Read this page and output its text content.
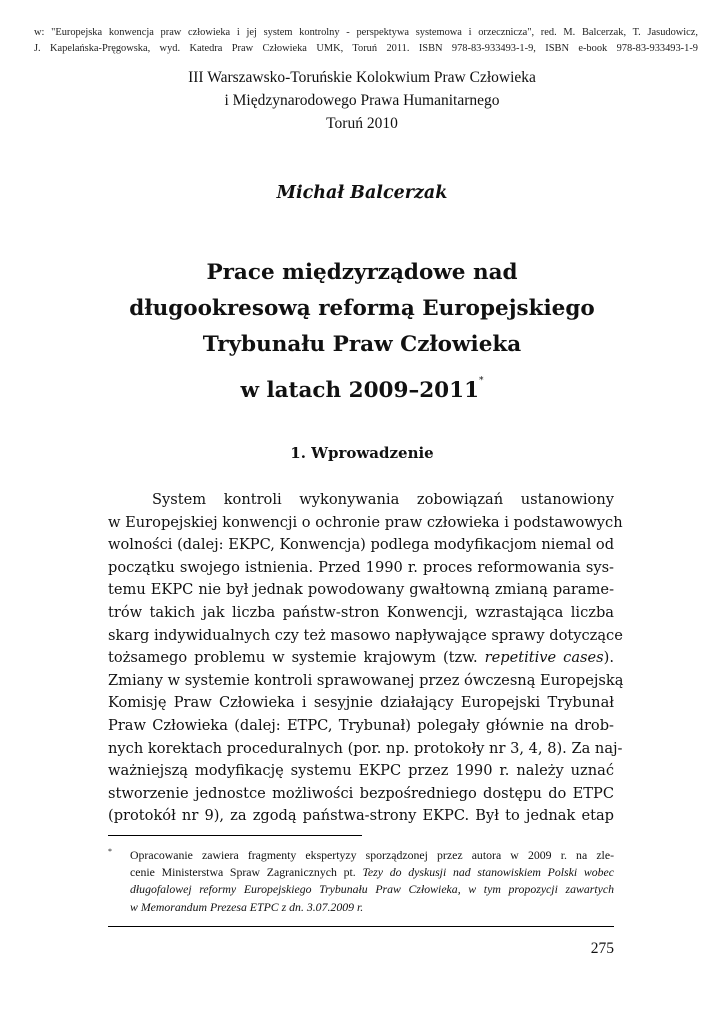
w: "Europejska konwencja praw człowieka i jej system kontrolny - perspektywa systemowa i orzecznicza", red. M. Balcerzak, T. Jasudowicz,
J. Kapelańska-Pręgowska, wyd. Katedra Praw Człowieka UMK, Toruń 2011. ISBN 978-83-933493-1-9, ISBN e-book 978-83-933493-1-9
III Warszawsko-Toruńskie Kolokwium Praw Człowieka
i Międzynarodowego Prawa Humanitarnego
Toruń 2010
Michał Balcerzak
Prace międzyrządowe nad
długookresową reformą Europejskiego
Trybunału Praw Człowieka
w latach 2009–2011*
1. Wprowadzenie
System kontroli wykonywania zobowiązań ustanowiony
w Europejskiej konwencji o ochronie praw człowieka i podstawowych
wolności (dalej: EKPC, Konwencja) podlega modyfikacjom niemal od
początku swojego istnienia. Przed 1990 r. proces reformowania sys-
temu EKPC nie był jednak powodowany gwałtowną zmianą parame-
trów takich jak liczba państw-stron Konwencji, wzrastająca liczba
skarg indywidualnych czy też masowo napływające sprawy dotyczące
tożsamego problemu w systemie krajowym (tzw. repetitive cases).
Zmiany w systemie kontroli sprawowanej przez ówczesną Europejską
Komisję Praw Człowieka i sesyjnie działający Europejski Trybunał
Praw Człowieka (dalej: ETPC, Trybunał) polegały głównie na drob-
nych korektach proceduralnych (por. np. protokoły nr 3, 4, 8). Za naj-
ważniejszą modyfikację systemu EKPC przez 1990 r. należy uznać
stworzenie jednostce możliwości bezpośredniego dostępu do ETPC
(protokół nr 9), za zgodą państwa-strony EKPC. Był to jednak etap
* Opracowanie zawiera fragmenty ekspertyzy sporządzonej przez autora w 2009 r. na zle-
cenie Ministerstwa Spraw Zagranicznych pt. Tezy do dyskusji nad stanowiskiem Polski wobec
długofalowej reformy Europejskiego Trybunału Praw Człowieka, w tym propozycji zawartych
w Memorandum Prezesa ETPC z dn. 3.07.2009 r.
275
